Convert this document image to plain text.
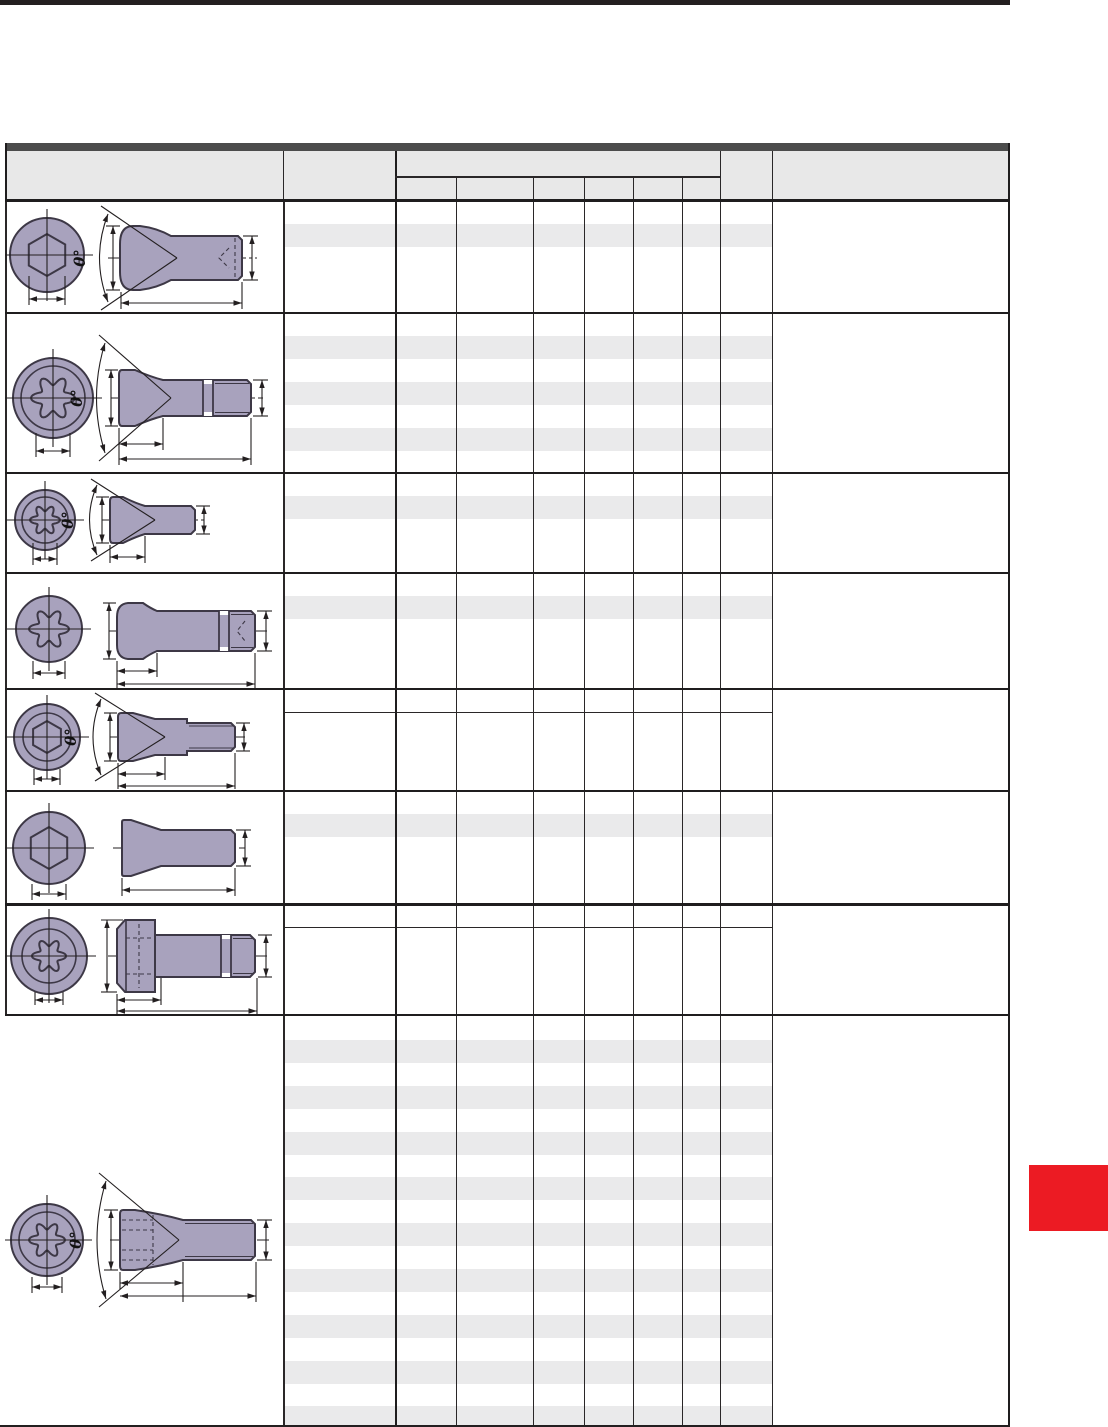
θ°
θ°
θ°
θ°
θ°
